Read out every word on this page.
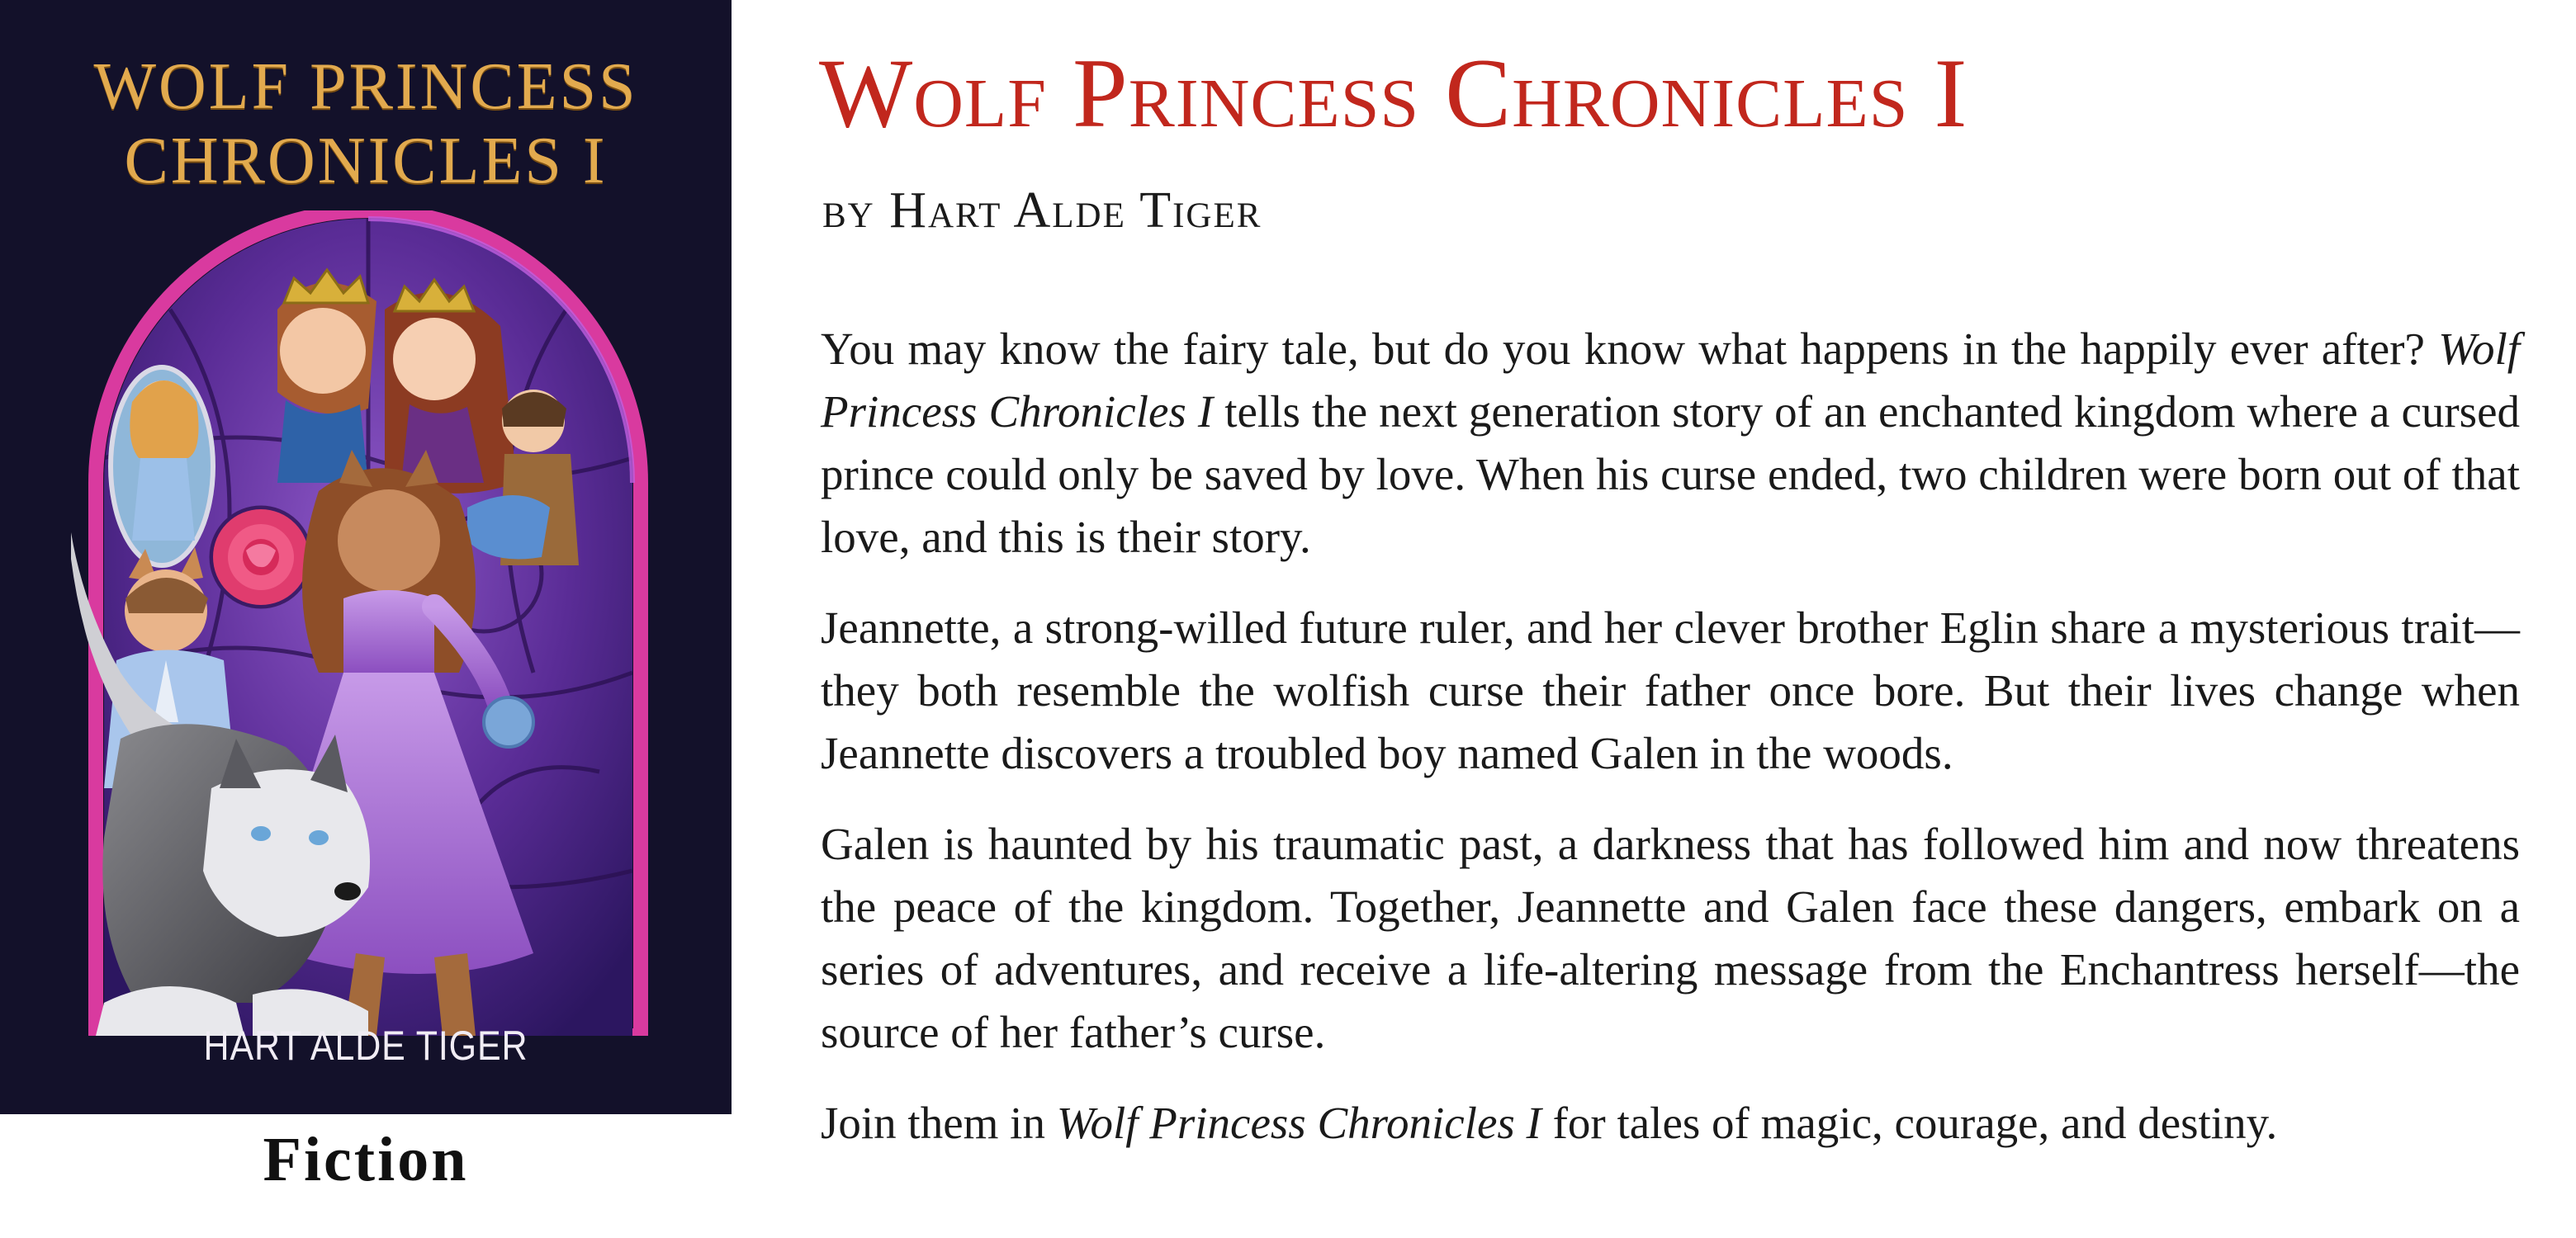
WOLF PRINCESS
CHRONICLES I
HART ALDE TIGER
Fiction
Wolf Princess Chronicles I
by Hart Alde Tiger

You may know the fairy tale, but do you know what happens in the happily ever after? Wolf Princess Chronicles I tells the next generation story of an enchanted kingdom where a cursed prince could only be saved by love. When his curse ended, two children were born out of that love, and this is their story.

Jeannette, a strong-willed future ruler, and her clever brother Eglin share a mysterious trait—they both resemble the wolfish curse their father once bore. But their lives change when Jeannette discovers a troubled boy named Galen in the woods.

Galen is haunted by his traumatic past, a darkness that has followed him and now threatens the peace of the kingdom. Together, Jeannette and Galen face these dangers, embark on a series of adventures, and receive a life-altering message from the Enchantress herself—the source of her father’s curse.

Join them in Wolf Princess Chronicles I for tales of magic, courage, and destiny.
